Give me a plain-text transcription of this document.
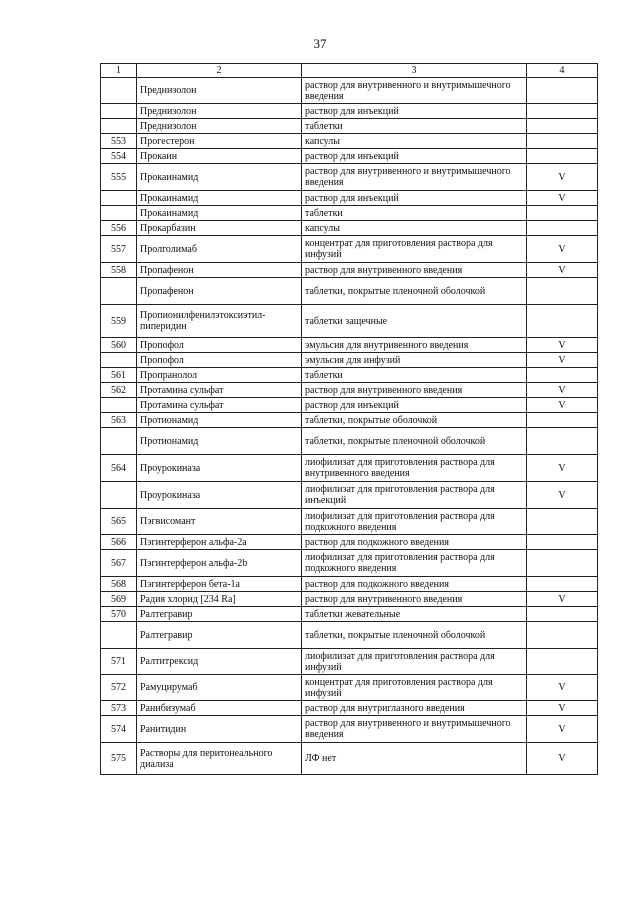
37
1	2	3	4
	Преднизолон	раствор для внутривенного и внутримышечного введения	
	Преднизолон	раствор для инъекций	
	Преднизолон	таблетки	
553	Прогестерон	капсулы	
554	Прокаин	раствор для инъекций	
555	Прокаинамид	раствор для внутривенного и внутримышечного введения	V
	Прокаинамид	раствор для инъекций	V
	Прокаинамид	таблетки	
556	Прокарбазин	капсулы	
557	Пролголимаб	концентрат для приготовления раствора для инфузий	V
558	Пропафенон	раствор для внутривенного введения	V
	Пропафенон	таблетки, покрытые пленочной оболочкой	
559	Пропионилфенилэтоксиэтил-пиперидин	таблетки защечные	
560	Пропофол	эмульсия для внутривенного введения	V
	Пропофол	эмульсия для инфузий	V
561	Пропранолол	таблетки	
562	Протамина сульфат	раствор для внутривенного введения	V
	Протамина сульфат	раствор для инъекций	V
563	Протионамид	таблетки, покрытые оболочкой	
	Протионамид	таблетки, покрытые пленочной оболочкой	
564	Проурокиназа	лиофилизат для приготовления раствора для внутривенного введения	V
	Проурокиназа	лиофилизат для приготовления раствора для инъекций	V
565	Пэгвисомант	лиофилизат для приготовления раствора для подкожного введения	
566	Пэгинтерферон альфа-2а	раствор для подкожного введения	
567	Пэгинтерферон альфа-2b	лиофилизат для приготовления раствора для подкожного введения	
568	Пэгинтерферон бета-1а	раствор для подкожного введения	
569	Радия хлорид [234 Ra]	раствор для внутривенного введения	V
570	Ралтегравир	таблетки жевательные	
	Ралтегравир	таблетки, покрытые пленочной оболочкой	
571	Ралтитрексид	лиофилизат для приготовления раствора для инфузий	
572	Рамуцирумаб	концентрат для приготовления раствора для инфузий	V
573	Ранибизумаб	раствор для внутриглазного введения	V
574	Ранитидин	раствор для внутривенного и внутримышечного введения	V
575	Растворы для перитонеального диализа	ЛФ нет	V
